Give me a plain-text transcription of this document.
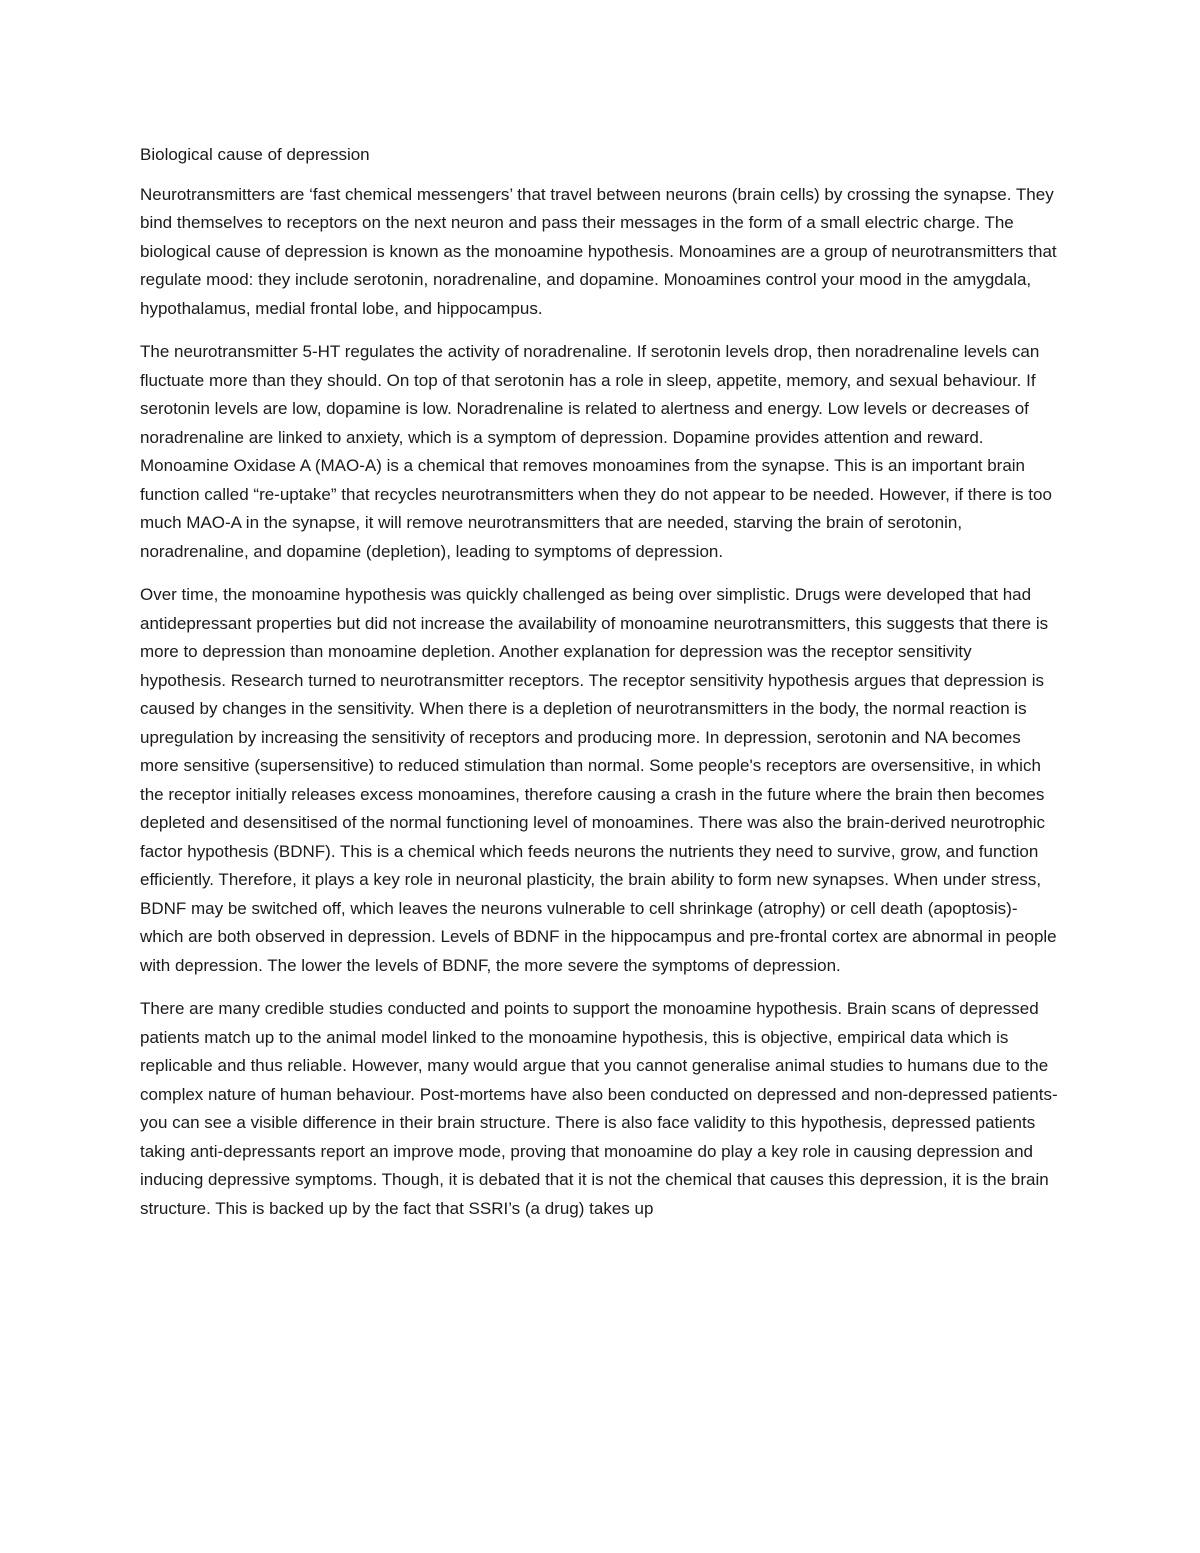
Biological cause of depression

Neurotransmitters are ‘fast chemical messengers’ that travel between neurons (brain cells) by crossing the synapse. They bind themselves to receptors on the next neuron and pass their messages in the form of a small electric charge. The biological cause of depression is known as the monoamine hypothesis. Monoamines are a group of neurotransmitters that regulate mood: they include serotonin, noradrenaline, and dopamine. Monoamines control your mood in the amygdala, hypothalamus, medial frontal lobe, and hippocampus.

The neurotransmitter 5-HT regulates the activity of noradrenaline. If serotonin levels drop, then noradrenaline levels can fluctuate more than they should. On top of that serotonin has a role in sleep, appetite, memory, and sexual behaviour. If serotonin levels are low, dopamine is low. Noradrenaline is related to alertness and energy. Low levels or decreases of noradrenaline are linked to anxiety, which is a symptom of depression. Dopamine provides attention and reward. Monoamine Oxidase A (MAO-A) is a chemical that removes monoamines from the synapse. This is an important brain function called “re-uptake” that recycles neurotransmitters when they do not appear to be needed. However, if there is too much MAO-A in the synapse, it will remove neurotransmitters that are needed, starving the brain of serotonin, noradrenaline, and dopamine (depletion), leading to symptoms of depression.

Over time, the monoamine hypothesis was quickly challenged as being over simplistic. Drugs were developed that had antidepressant properties but did not increase the availability of monoamine neurotransmitters, this suggests that there is more to depression than monoamine depletion. Another explanation for depression was the receptor sensitivity hypothesis. Research turned to neurotransmitter receptors. The receptor sensitivity hypothesis argues that depression is caused by changes in the sensitivity. When there is a depletion of neurotransmitters in the body, the normal reaction is upregulation by increasing the sensitivity of receptors and producing more. In depression, serotonin and NA becomes more sensitive (supersensitive) to reduced stimulation than normal. Some people's receptors are oversensitive, in which the receptor initially releases excess monoamines, therefore causing a crash in the future where the brain then becomes depleted and desensitised of the normal functioning level of monoamines. There was also the brain-derived neurotrophic factor hypothesis (BDNF). This is a chemical which feeds neurons the nutrients they need to survive, grow, and function efficiently. Therefore, it plays a key role in neuronal plasticity, the brain ability to form new synapses. When under stress, BDNF may be switched off, which leaves the neurons vulnerable to cell shrinkage (atrophy) or cell death (apoptosis)- which are both observed in depression. Levels of BDNF in the hippocampus and pre-frontal cortex are abnormal in people with depression. The lower the levels of BDNF, the more severe the symptoms of depression.

There are many credible studies conducted and points to support the monoamine hypothesis. Brain scans of depressed patients match up to the animal model linked to the monoamine hypothesis, this is objective, empirical data which is replicable and thus reliable. However, many would argue that you cannot generalise animal studies to humans due to the complex nature of human behaviour. Post-mortems have also been conducted on depressed and non-depressed patients- you can see a visible difference in their brain structure. There is also face validity to this hypothesis, depressed patients taking anti-depressants report an improve mode, proving that monoamine do play a key role in causing depression and inducing depressive symptoms. Though, it is debated that it is not the chemical that causes this depression, it is the brain structure. This is backed up by the fact that SSRI’s (a drug) takes up
